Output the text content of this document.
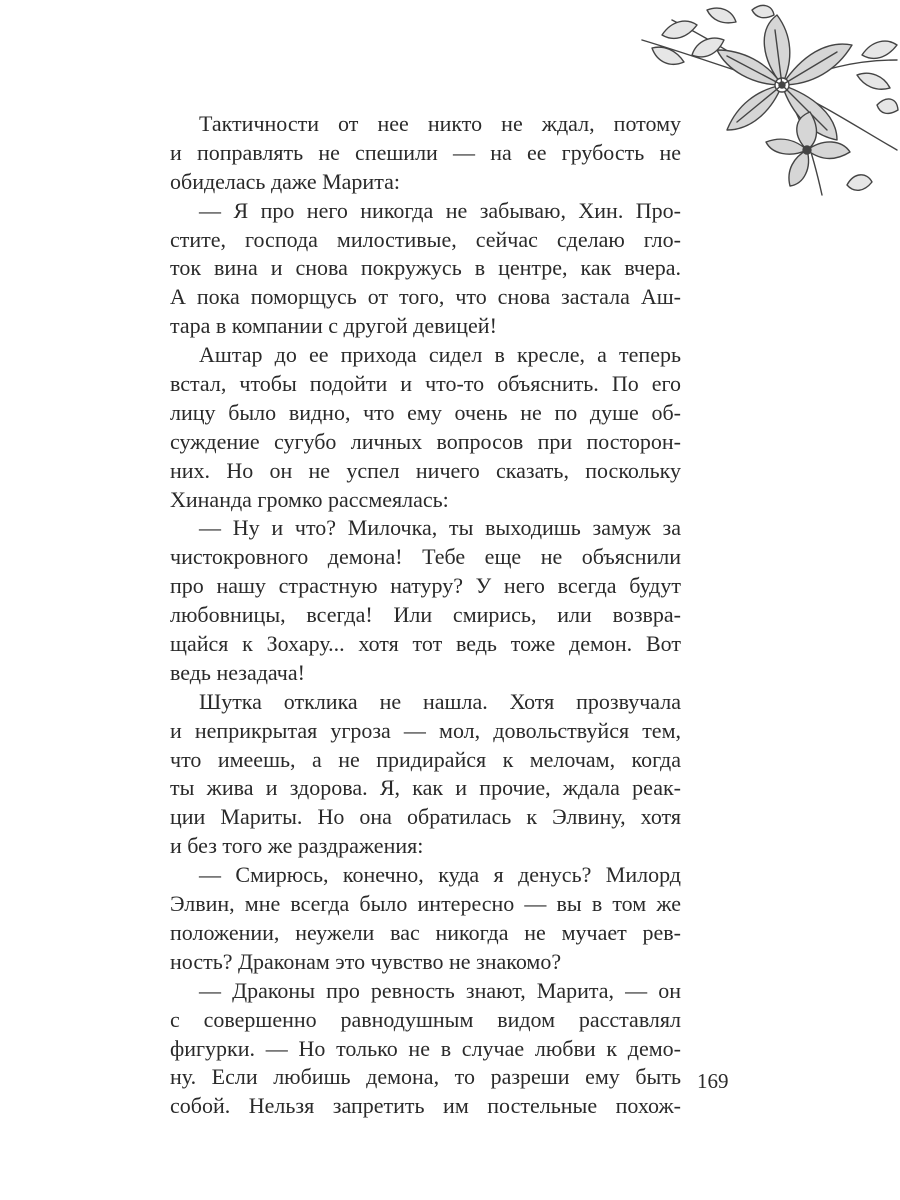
Тактичности от нее никто не ждал, потому
и поправлять не спешили — на ее грубость не
обиделась даже Марита:
— Я про него никогда не забываю, Хин. Про-
стите, господа милостивые, сейчас сделаю гло-
ток вина и снова покружусь в центре, как вчера.
А пока поморщусь от того, что снова застала Аш-
тара в компании с другой девицей!
Аштар до ее прихода сидел в кресле, а теперь
встал, чтобы подойти и что-то объяснить. По его
лицу было видно, что ему очень не по душе об-
суждение сугубо личных вопросов при посторон-
них. Но он не успел ничего сказать, поскольку
Хинанда громко рассмеялась:
— Ну и что? Милочка, ты выходишь замуж за
чистокровного демона! Тебе еще не объяснили
про нашу страстную натуру? У него всегда будут
любовницы, всегда! Или смирись, или возвра-
щайся к Зохару... хотя тот ведь тоже демон. Вот
ведь незадача!
Шутка отклика не нашла. Хотя прозвучала
и неприкрытая угроза — мол, довольствуйся тем,
что имеешь, а не придирайся к мелочам, когда
ты жива и здорова. Я, как и прочие, ждала реак-
ции Мариты. Но она обратилась к Элвину, хотя
и без того же раздражения:
— Смирюсь, конечно, куда я денусь? Милорд
Элвин, мне всегда было интересно — вы в том же
положении, неужели вас никогда не мучает рев-
ность? Драконам это чувство не знакомо?
— Драконы про ревность знают, Марита, — он
с совершенно равнодушным видом расставлял
фигурки. — Но только не в случае любви к демо-
ну. Если любишь демона, то разреши ему быть
собой. Нельзя запретить им постельные похож-
169
